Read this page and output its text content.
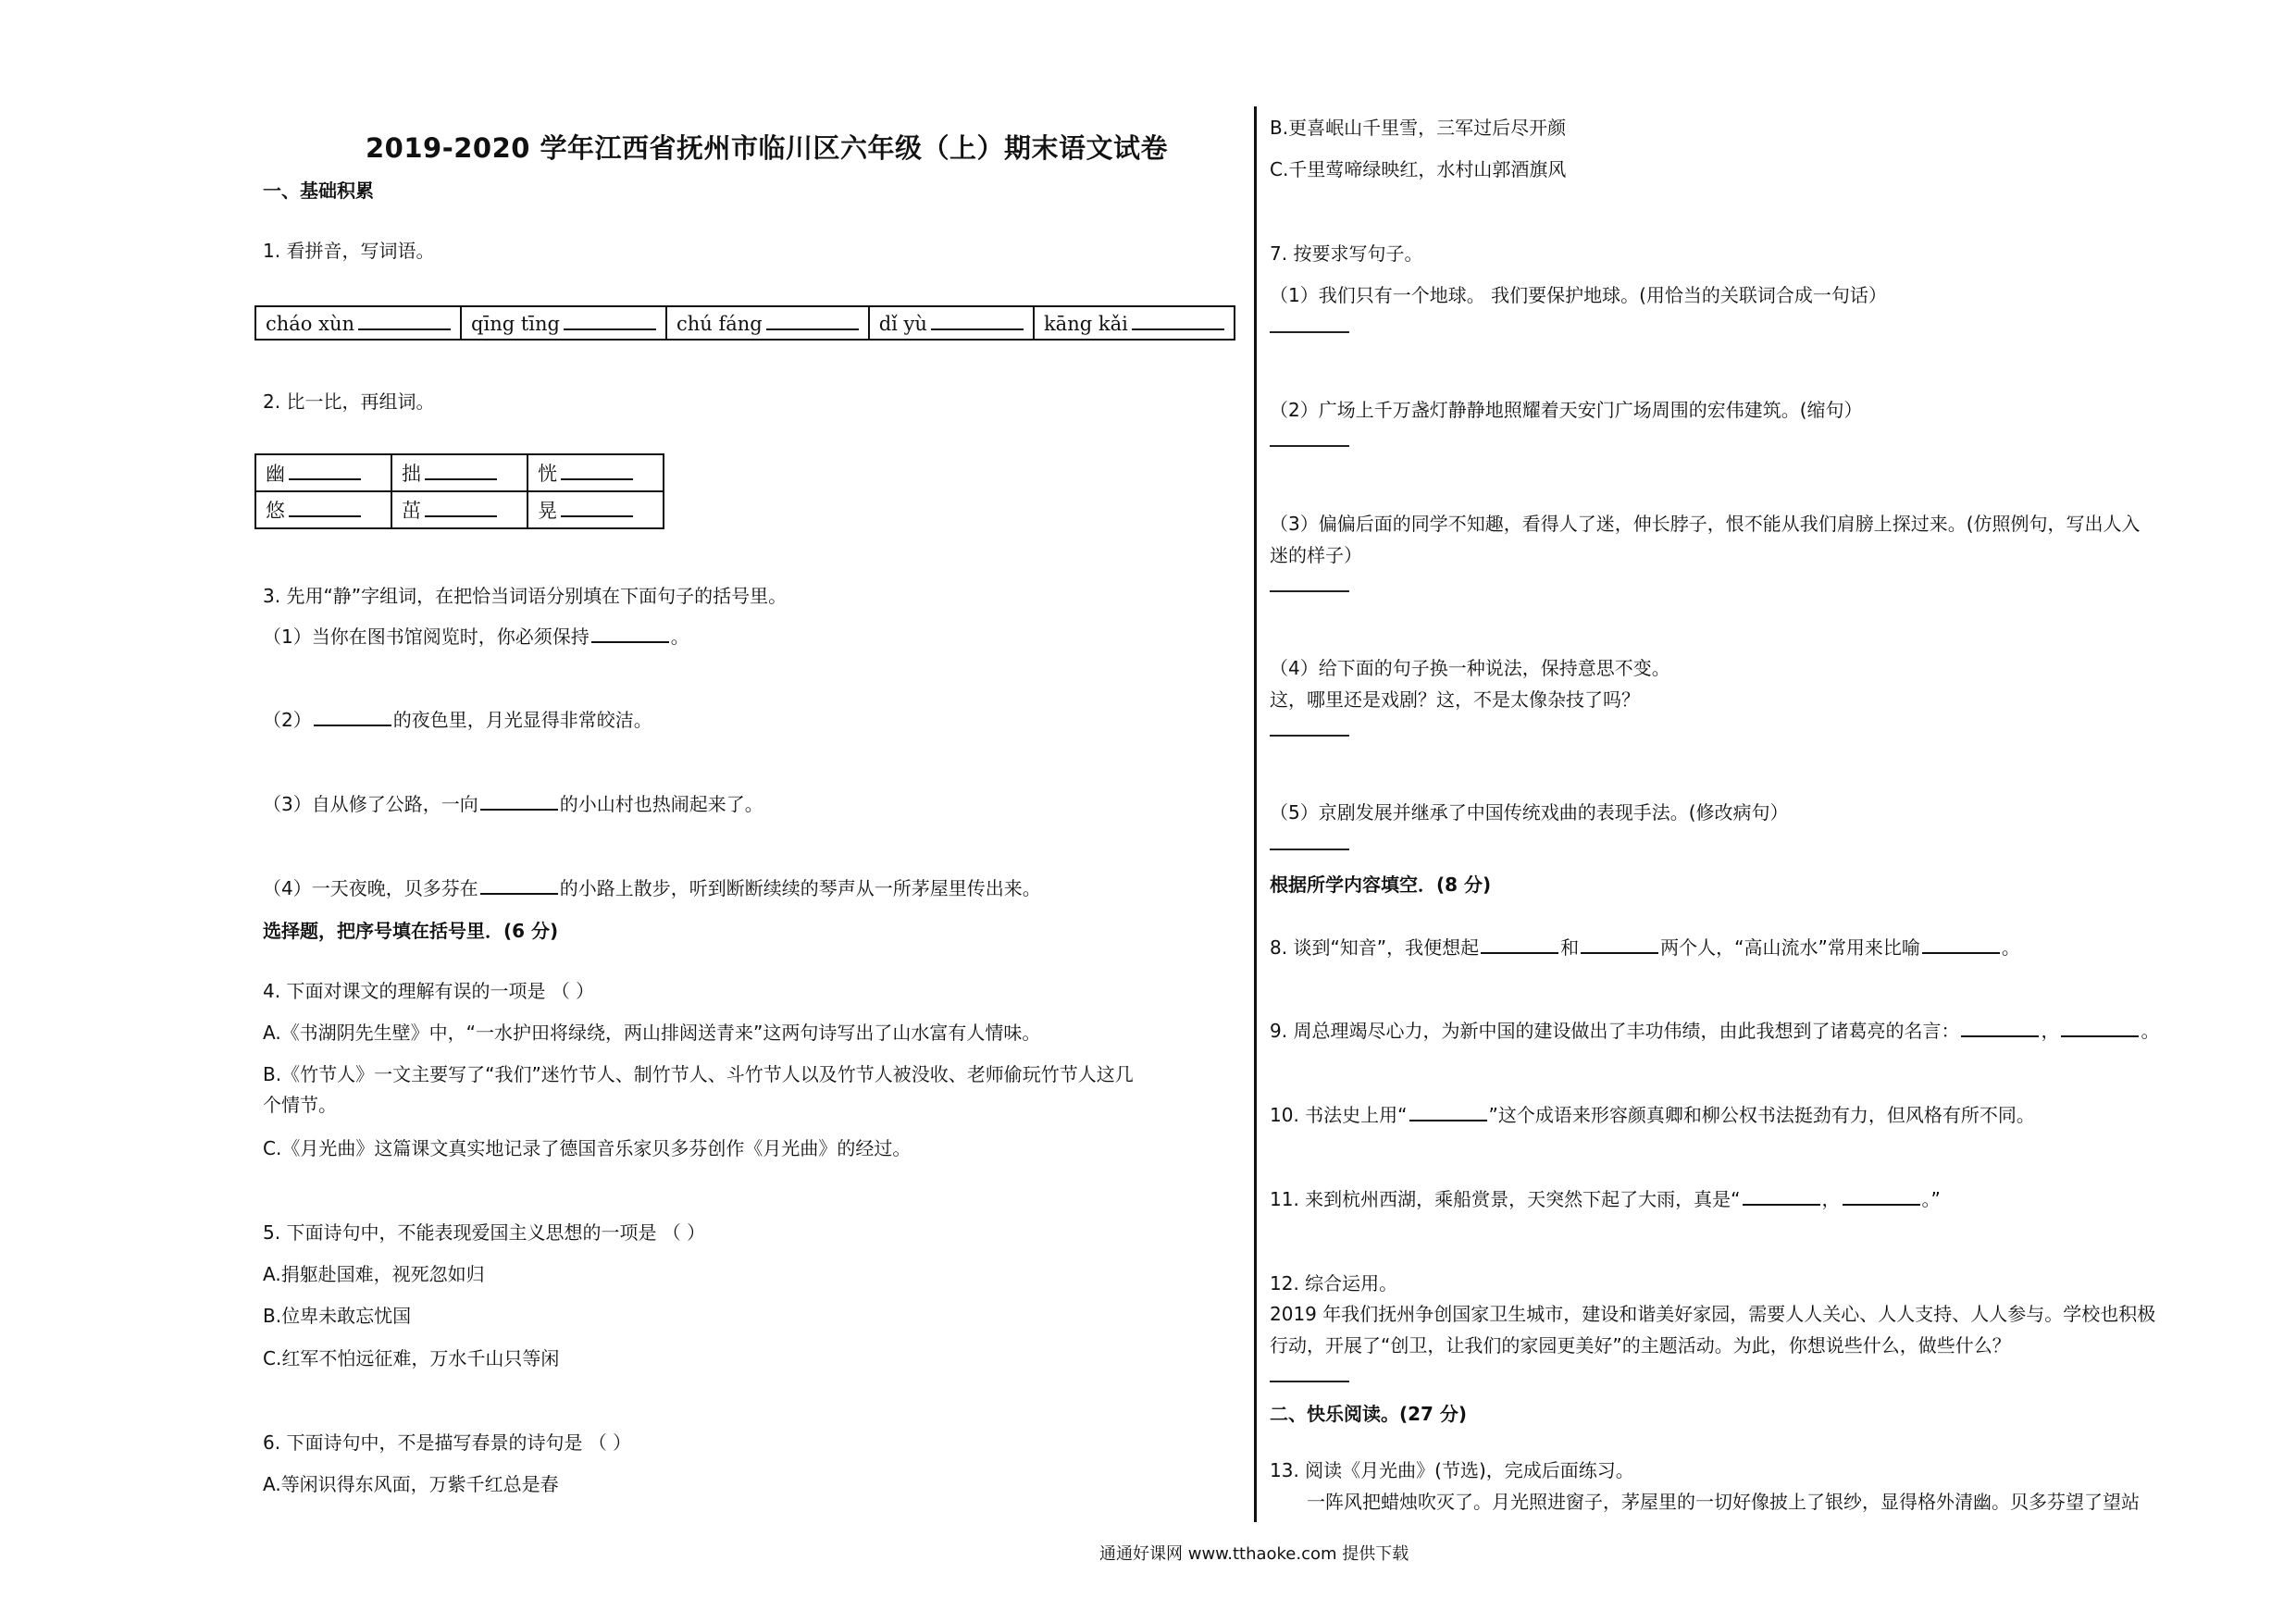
2019-2020 学年江西省抚州市临川区六年级（上）期末语文试卷
一、基础积累
1. 看拼音，写词语。
cháo xùn	qīng tīng	chú fáng	dǐ yù	kāng kǎi
2. 比一比，再组词。
幽	拙	恍
悠	茁	晃
3. 先用“静”字组词，在把恰当词语分别填在下面句子的括号里。
（1）当你在图书馆阅览时，你必须保持	。
（2）	的夜色里，月光显得非常皎洁。
（3）自从修了公路，一向	的小山村也热闹起来了。
（4）一天夜晚，贝多芬在	的小路上散步，听到断断续续的琴声从一所茅屋里传出来。
选择题，把序号填在括号里．(6 分)
4. 下面对课文的理解有误的一项是 （ ）
A.《书湖阴先生壁》中，“一水护田将绿绕，两山排闼送青来”这两句诗写出了山水富有人情味。
B.《竹节人》一文主要写了“我们”迷竹节人、制竹节人、斗竹节人以及竹节人被没收、老师偷玩竹节人这几
个情节。
C.《月光曲》这篇课文真实地记录了德国音乐家贝多芬创作《月光曲》的经过。
5. 下面诗句中，不能表现爱国主义思想的一项是 （ ）
A.捐躯赴国难，视死忽如归
B.位卑未敢忘忧国
C.红军不怕远征难，万水千山只等闲
6. 下面诗句中，不是描写春景的诗句是 （ ）
A.等闲识得东风面，万紫千红总是春
B.更喜岷山千里雪，三军过后尽开颜
C.千里莺啼绿映红，水村山郭酒旗风
7. 按要求写句子。
（1）我们只有一个地球。 我们要保护地球。(用恰当的关联词合成一句话）
（2）广场上千万盏灯静静地照耀着天安门广场周围的宏伟建筑。(缩句）
（3）偏偏后面的同学不知趣，看得人了迷，伸长脖子，恨不能从我们肩膀上探过来。(仿照例句，写出人入
迷的样子）
（4）给下面的句子换一种说法，保持意思不变。
这，哪里还是戏剧？这，不是太像杂技了吗？
（5）京剧发展并继承了中国传统戏曲的表现手法。(修改病句）
根据所学内容填空．(8 分)
8. 谈到“知音”，我便想起	和	两个人，“高山流水”常用来比喻	。
9. 周总理竭尽心力，为新中国的建设做出了丰功伟绩，由此我想到了诸葛亮的名言：	，	。
10. 书法史上用“	”这个成语来形容颜真卿和柳公权书法挺劲有力，但风格有所不同。
11. 来到杭州西湖，乘船赏景，天突然下起了大雨，真是“	，	。”
12. 综合运用。
2019 年我们抚州争创国家卫生城市，建设和谐美好家园，需要人人关心、人人支持、人人参与。学校也积极
行动，开展了“创卫，让我们的家园更美好”的主题活动。为此，你想说些什么，做些什么？
二、快乐阅读。(27 分)
13. 阅读《月光曲》(节选)，完成后面练习。
一阵风把蜡烛吹灭了。月光照进窗子，茅屋里的一切好像披上了银纱，显得格外清幽。贝多芬望了望站
通通好课网 www.tthaoke.com 提供下载
